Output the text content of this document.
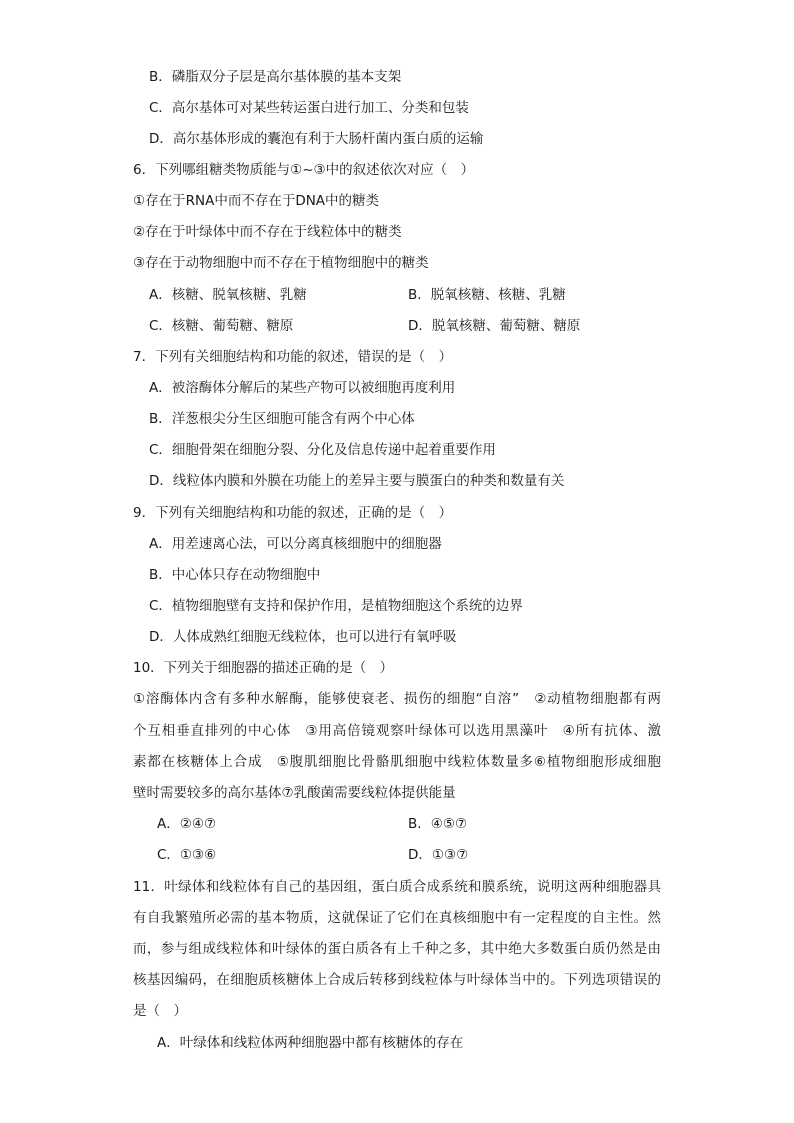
B．磷脂双分子层是高尔基体膜的基本支架
C．高尔基体可对某些转运蛋白进行加工、分类和包装
D．高尔基体形成的囊泡有利于大肠杆菌内蛋白质的运输
6．下列哪组糖类物质能与①~③中的叙述依次对应（　）
①存在于RNA中而不存在于DNA中的糖类
②存在于叶绿体中而不存在于线粒体中的糖类
③存在于动物细胞中而不存在于植物细胞中的糖类
A．核糖、脱氧核糖、乳糖	B．脱氧核糖、核糖、乳糖
C．核糖、葡萄糖、糖原	D．脱氧核糖、葡萄糖、糖原
7．下列有关细胞结构和功能的叙述，错误的是（　）
A．被溶酶体分解后的某些产物可以被细胞再度利用
B．洋葱根尖分生区细胞可能含有两个中心体
C．细胞骨架在细胞分裂、分化及信息传递中起着重要作用
D．线粒体内膜和外膜在功能上的差异主要与膜蛋白的种类和数量有关
9．下列有关细胞结构和功能的叙述，正确的是（　）
A．用差速离心法，可以分离真核细胞中的细胞器
B．中心体只存在动物细胞中
C．植物细胞壁有支持和保护作用，是植物细胞这个系统的边界
D．人体成熟红细胞无线粒体，也可以进行有氧呼吸
10．下列关于细胞器的描述正确的是（　）
①溶酶体内含有多种水解酶，能够使衰老、损伤的细胞“自溶”　②动植物细胞都有两
个互相垂直排列的中心体　③用高倍镜观察叶绿体可以选用黑藻叶　④所有抗体、激
素都在核糖体上合成　⑤腹肌细胞比骨骼肌细胞中线粒体数量多⑥植物细胞形成细胞
壁时需要较多的高尔基体⑦乳酸菌需要线粒体提供能量
A．②④⑦	B．④⑤⑦
C．①③⑥	D．①③⑦
11．叶绿体和线粒体有自己的基因组，蛋白质合成系统和膜系统，说明这两种细胞器具
有自我繁殖所必需的基本物质，这就保证了它们在真核细胞中有一定程度的自主性。然
而，参与组成线粒体和叶绿体的蛋白质各有上千种之多，其中绝大多数蛋白质仍然是由
核基因编码，在细胞质核糖体上合成后转移到线粒体与叶绿体当中的。下列选项错误的
是（　）
A．叶绿体和线粒体两种细胞器中都有核糖体的存在
